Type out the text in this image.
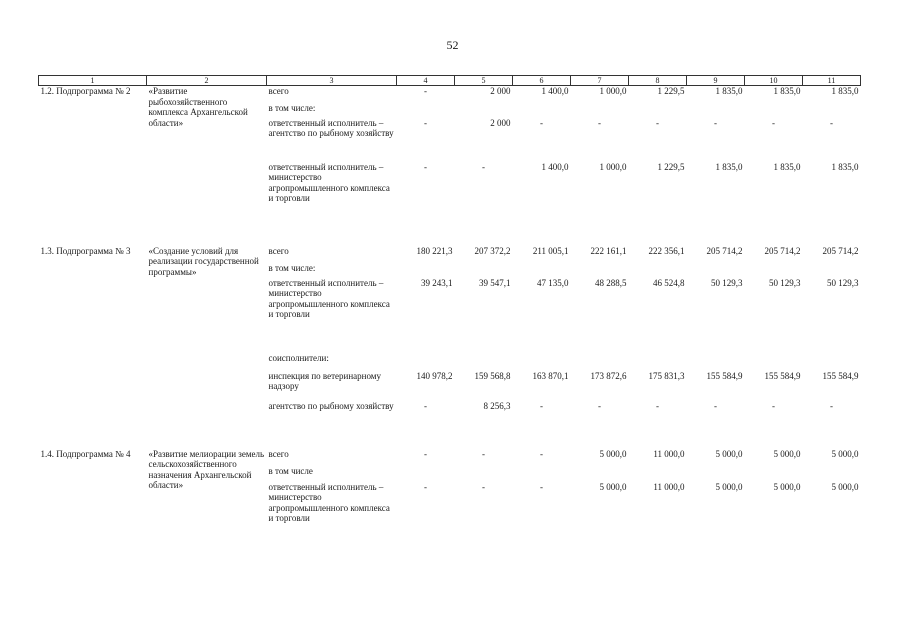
52
1	2	3	4	5	6	7	8	9	10	11
1.2. Подпрограмма № 2	«Развитие рыбохозяйственного комплекса Архангельской области»	всего	-	2 000	1 400,0	1 000,0	1 229,5	1 835,0	1 835,0	1 835,0
		в том числе:								
		ответственный исполнитель – агентство по рыбному хозяйству	-	2 000	-	-	-	-	-	-
		ответственный исполнитель – министерство агропромышленного комплекса и торговли	-	-	1 400,0	1 000,0	1 229,5	1 835,0	1 835,0	1 835,0

1.3. Подпрограмма № 3	«Создание условий для реализации государственной программы»	всего	180 221,3	207 372,2	211 005,1	222 161,1	222 356,1	205 714,2	205 714,2	205 714,2
		в том числе:								
		ответственный исполнитель – министерство агропромышленного комплекса и торговли	39 243,1	39 547,1	47 135,0	48 288,5	46 524,8	50 129,3	50 129,3	50 129,3
		соисполнители:								
		инспекция по ветеринарному надзору	140 978,2	159 568,8	163 870,1	173 872,6	175 831,3	155 584,9	155 584,9	155 584,9
		агентство по рыбному хозяйству	-	8 256,3	-	-	-	-	-	-

1.4. Подпрограмма № 4	«Развитие мелиорации земель сельскохозяйственного назначения Архангельской области»	всего	-	-	-	5 000,0	11 000,0	5 000,0	5 000,0	5 000,0
		в том числе								
		ответственный исполнитель – министерство агропромышленного комплекса и торговли	-	-	-	5 000,0	11 000,0	5 000,0	5 000,0	5 000,0
